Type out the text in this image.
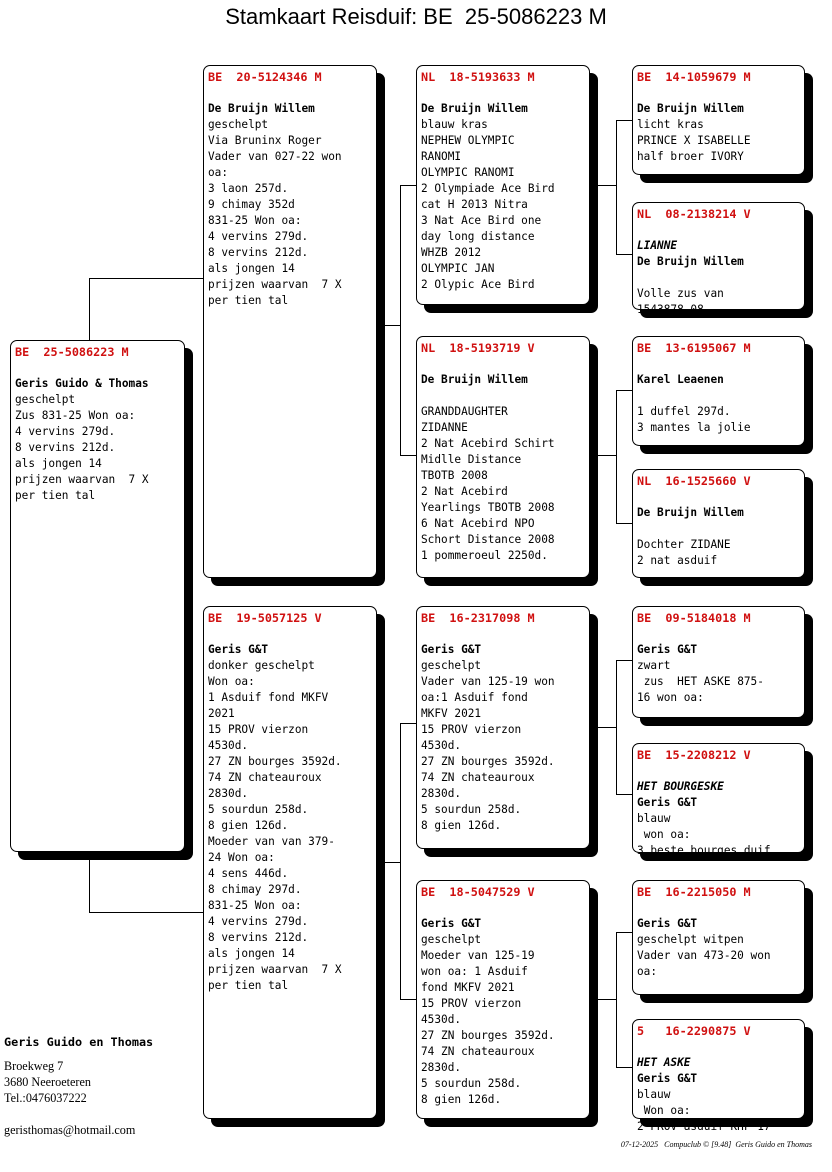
Stamkaart Reisduif: BE  25-5086223 M
BE  25-5086223 M
Geris Guido & Thomas
geschelpt
Zus 831-25 Won oa:
4 vervins 279d.
8 vervins 212d.
als jongen 14
prijzen waarvan  7 X
per tien tal
BE  20-5124346 M
De Bruijn Willem
geschelpt
Via Bruninx Roger
Vader van 027-22 won
oa:
3 laon 257d.
9 chimay 352d
831-25 Won oa:
4 vervins 279d.
8 vervins 212d.
als jongen 14
prijzen waarvan  7 X
per tien tal
BE  19-5057125 V
Geris G&T
donker geschelpt
Won oa:
1 Asduif fond MKFV
2021
15 PROV vierzon
4530d.
27 ZN bourges 3592d.
74 ZN chateauroux
2830d.
5 sourdun 258d.
8 gien 126d.
Moeder van van 379-
24 Won oa:
4 sens 446d.
8 chimay 297d.
831-25 Won oa:
4 vervins 279d.
8 vervins 212d.
als jongen 14
prijzen waarvan  7 X
per tien tal
NL  18-5193633 M
De Bruijn Willem
blauw kras
NEPHEW OLYMPIC
RANOMI
OLYMPIC RANOMI
2 Olympiade Ace Bird
cat H 2013 Nitra
3 Nat Ace Bird one
day long distance
WHZB 2012
OLYMPIC JAN
2 Olypic Ace Bird
NL  18-5193719 V
De Bruijn Willem
GRANDDAUGHTER
ZIDANNE
2 Nat Acebird Schirt
Midlle Distance
TBOTB 2008
2 Nat Acebird
Yearlings TBOTB 2008
6 Nat Acebird NPO
Schort Distance 2008
1 pommeroeul 2250d.
BE  16-2317098 M
Geris G&T
geschelpt
Vader van 125-19 won
oa:1 Asduif fond
MKFV 2021
15 PROV vierzon
4530d.
27 ZN bourges 3592d.
74 ZN chateauroux
2830d.
5 sourdun 258d.
8 gien 126d.
BE  18-5047529 V
Geris G&T
geschelpt
Moeder van 125-19
won oa: 1 Asduif
fond MKFV 2021
15 PROV vierzon
4530d.
27 ZN bourges 3592d.
74 ZN chateauroux
2830d.
5 sourdun 258d.
8 gien 126d.
BE  14-1059679 M
De Bruijn Willem
licht kras
PRINCE X ISABELLE
half broer IVORY
NL  08-2138214 V
LIANNE
De Bruijn Willem
Volle zus van
1543878-08
BE  13-6195067 M
Karel Leaenen
1 duffel 297d.
3 mantes la jolie
NL  16-1525660 V
De Bruijn Willem
Dochter ZIDANE
2 nat asduif
BE  09-5184018 M
Geris G&T
zwart
zus  HET ASKE 875-
16 won oa:
BE  15-2208212 V
HET BOURGESKE
Geris G&T
blauw
won oa:
3 beste bourges duif
BE  16-2215050 M
Geris G&T
geschelpt witpen
Vader van 473-20 won
oa:
5   16-2290875 V
HET ASKE
Geris G&T
blauw
Won oa:
2 PROV asduif KHF 17
Geris Guido en Thomas
Broekweg 7
3680 Neeroeteren
Tel.:0476037222
geristhomas@hotmail.com
07-12-2025   Compuclub © [9.48]  Geris Guido en Thomas
